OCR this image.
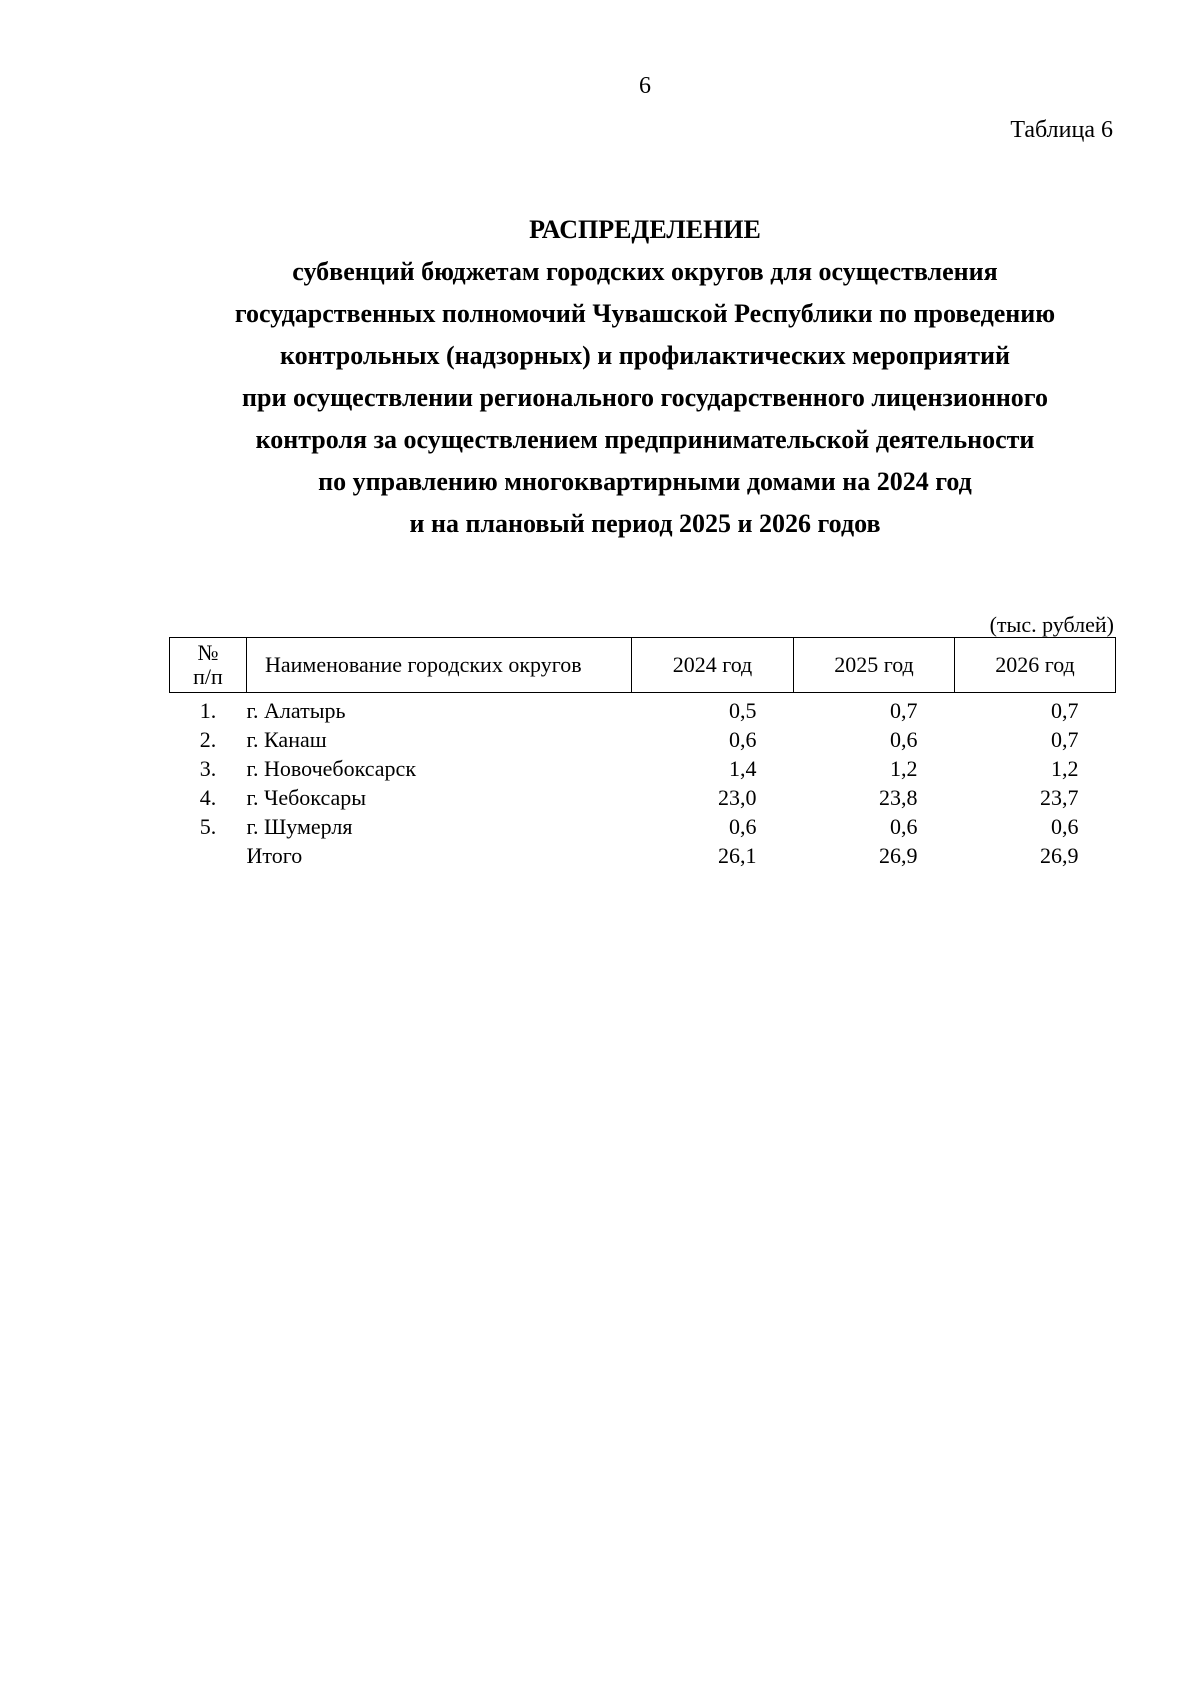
6
Таблица 6
РАСПРЕДЕЛЕНИЕ
субвенций бюджетам городских округов для осуществления
государственных полномочий Чувашской Республики по проведению
контрольных (надзорных) и профилактических мероприятий
при осуществлении регионального государственного лицензионного
контроля за осуществлением предпринимательской деятельности
по управлению многоквартирными домами на 2024 год
и на плановый период 2025 и 2026 годов
(тыс. рублей)
№
п/п	Наименование городских округов	2024 год	2025 год	2026 год
1.	г. Алатырь	0,5	0,7	0,7
2.	г. Канаш	0,6	0,6	0,7
3.	г. Новочебоксарск	1,4	1,2	1,2
4.	г. Чебоксары	23,0	23,8	23,7
5.	г. Шумерля	0,6	0,6	0,6
	Итого	26,1	26,9	26,9
